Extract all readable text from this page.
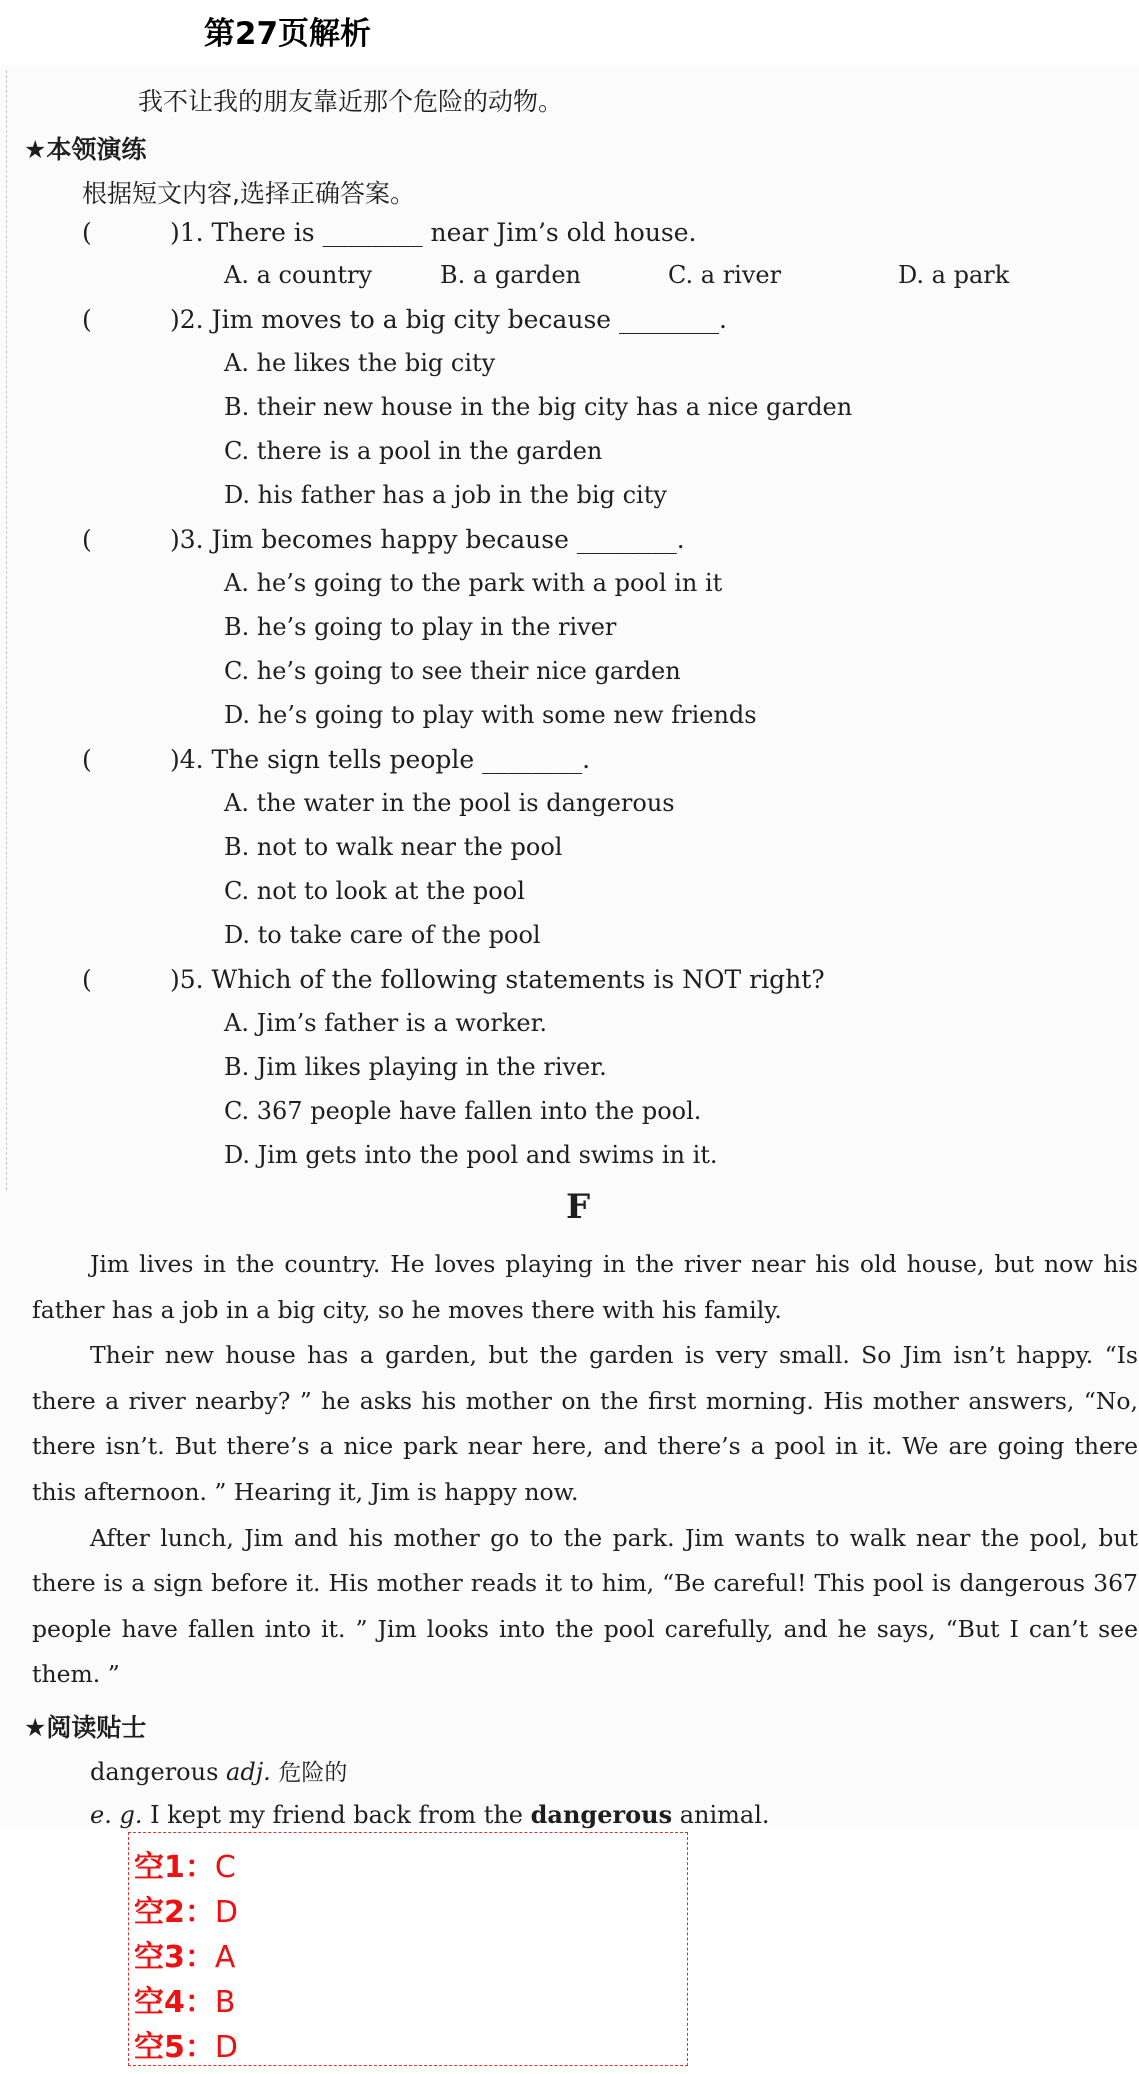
第27页解析
我不让我的朋友靠近那个危险的动物。
★本领演练
根据短文内容,选择正确答案。
(	)1. There is ________ near Jim’s old house.
A. a country	B. a garden	C. a river	D. a park
(	)2. Jim moves to a big city because ________.
A. he likes the big city
B. their new house in the big city has a nice garden
C. there is a pool in the garden
D. his father has a job in the big city
(	)3. Jim becomes happy because ________.
A. he’s going to the park with a pool in it
B. he’s going to play in the river
C. he’s going to see their nice garden
D. he’s going to play with some new friends
(	)4. The sign tells people ________.
A. the water in the pool is dangerous
B. not to walk near the pool
C. not to look at the pool
D. to take care of the pool
(	)5. Which of the following statements is NOT right?
A. Jim’s father is a worker.
B. Jim likes playing in the river.
C. 367 people have fallen into the pool.
D. Jim gets into the pool and swims in it.
F

Jim lives in the country. He loves playing in the river near his old house, but now his father has a job in a big city, so he moves there with his family.

Their new house has a garden, but the garden is very small. So Jim isn’t happy. “Is there a river nearby? ” he asks his mother on the first morning. His mother answers, “No, there isn’t. But there’s a nice park near here, and there’s a pool in it. We are going there this afternoon. ” Hearing it, Jim is happy now.

After lunch, Jim and his mother go to the park. Jim wants to walk near the pool, but there is a sign before it. His mother reads it to him, “Be careful! This pool is dangerous 367 people have fallen into it. ” Jim looks into the pool carefully, and he says, “But I can’t see them. ”

★阅读贴士
dangerous adj. 危险的
e. g. I kept my friend back from the dangerous animal.
空1：C
空2：D
空3：A
空4：B
空5：D
